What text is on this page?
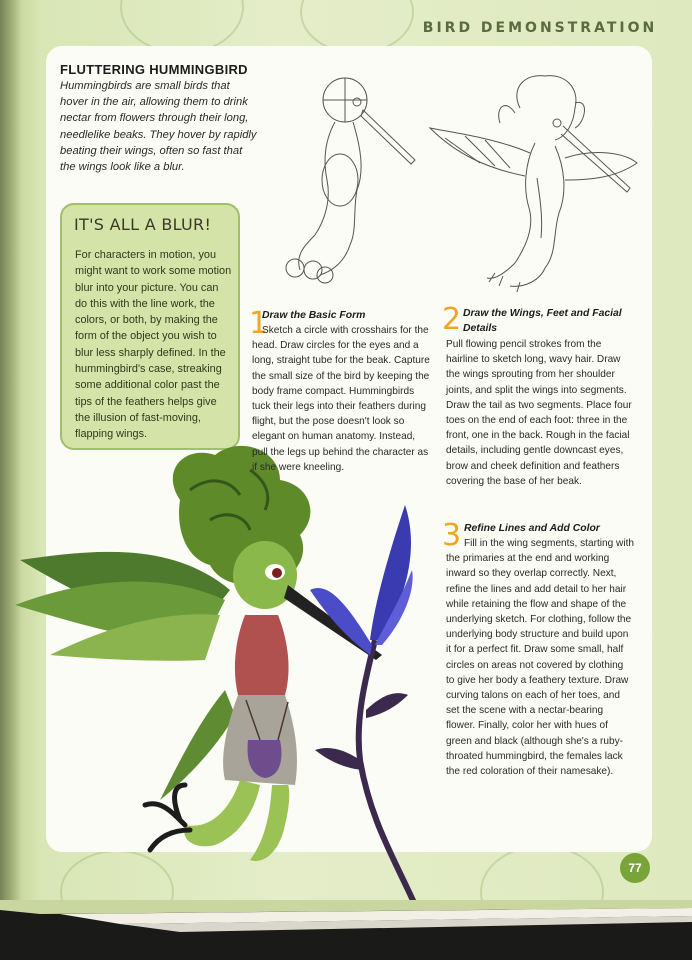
BIRD DEMONSTRATION
FLUTTERING HUMMINGBIRD
Hummingbirds are small birds that hover in the air, allowing them to drink nectar from flowers through their long, needlelike beaks. They hover by rapidly beating their wings, often so fast that the wings look like a blur.
IT'S ALL A BLUR!
For characters in motion, you might want to work some motion blur into your picture. You can do this with the line work, the colors, or both, by making the form of the object you wish to blur less sharply defined. In the hummingbird's case, streaking some additional color past the tips of the feathers helps give the illusion of fast-moving, flapping wings.
1
Draw the Basic Form
Sketch a circle with crosshairs for the head. Draw circles for the eyes and a long, straight tube for the beak. Capture the small size of the bird by keeping the body frame compact. Hummingbirds tuck their legs into their feathers during flight, but the pose doesn't look so elegant on human anatomy. Instead, pull the legs up behind the character as if she were kneeling.
2 Draw the Wings, Feet and Facial Details
Pull flowing pencil strokes from the hairline to sketch long, wavy hair. Draw the wings sprouting from her shoulder joints, and split the wings into segments. Draw the tail as two segments. Place four toes on the end of each foot: three in the front, one in the back. Rough in the facial details, including gentle downcast eyes, brow and cheek definition and feathers covering the base of her beak.
3 Refine Lines and Add Color
Fill in the wing segments, starting with the primaries at the end and working inward so they overlap correctly. Next, refine the lines and add detail to her hair while retaining the flow and shape of the underlying sketch. For clothing, follow the underlying body structure and build upon it for a perfect fit. Draw some small, half circles on areas not covered by clothing to give her body a feathery texture. Draw curving talons on each of her toes, and set the scene with a nectar-bearing flower. Finally, color her with hues of green and black (although she's a ruby-throated hummingbird, the females lack the red coloration of their namesake).
77
